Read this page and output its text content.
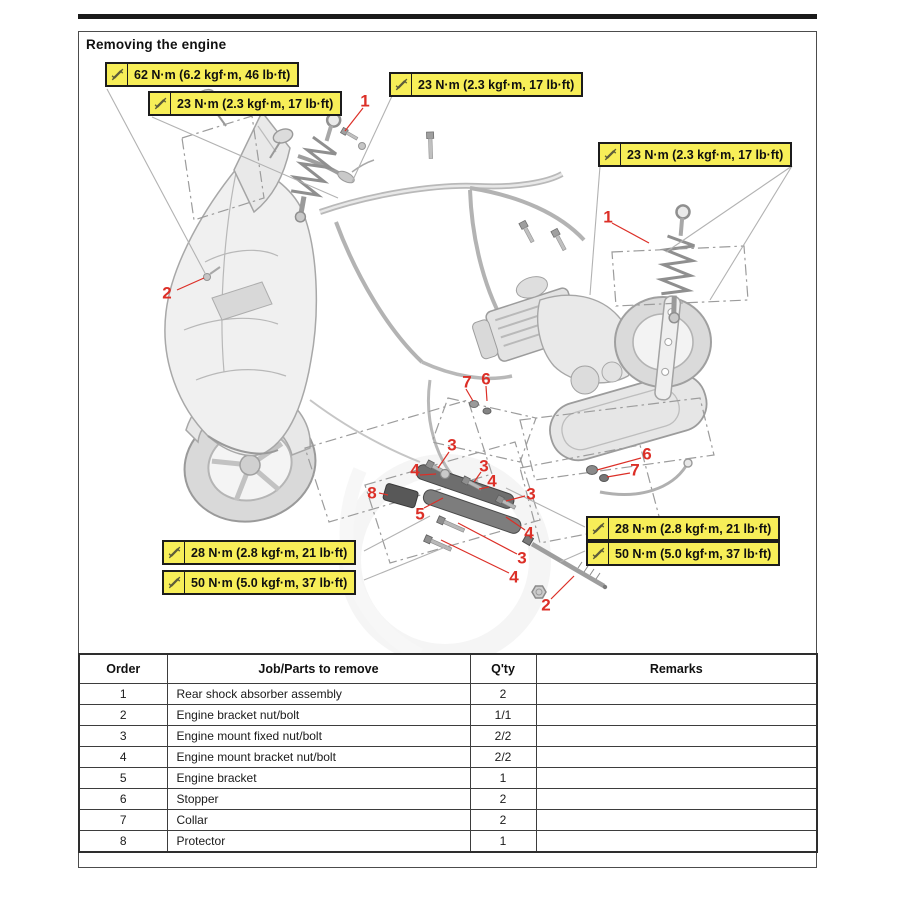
Removing the engine
62 N·m (6.2 kgf·m, 46 lb·ft)
23 N·m (2.3 kgf·m, 17 lb·ft)
23 N·m (2.3 kgf·m, 17 lb·ft)
23 N·m (2.3 kgf·m, 17 lb·ft)
28 N·m (2.8 kgf·m, 21 lb·ft)
50 N·m (5.0 kgf·m, 37 lb·ft)
28 N·m (2.8 kgf·m, 21 lb·ft)
50 N·m (5.0 kgf·m, 37 lb·ft)
1
1
2
2
3
3
3
3
4
4
4
4
5
6
6
7
7
8
Order	Job/Parts to remove	Q'ty	Remarks
1	Rear shock absorber assembly	2	
2	Engine bracket nut/bolt	1/1	
3	Engine mount fixed nut/bolt	2/2	
4	Engine mount bracket nut/bolt	2/2	
5	Engine bracket	1	
6	Stopper	2	
7	Collar	2	
8	Protector	1	
